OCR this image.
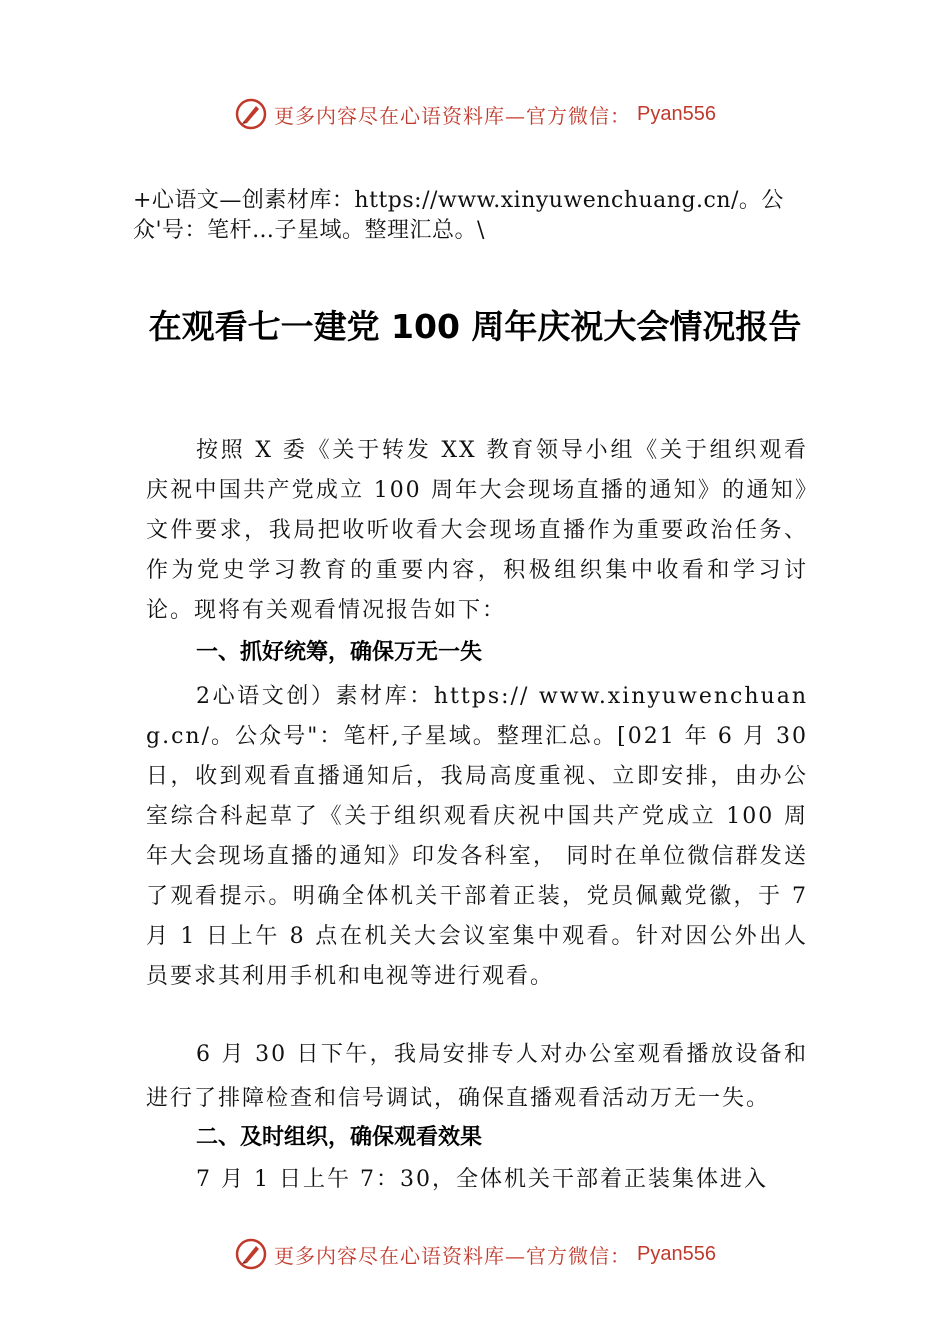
更多内容尽在心语资料库—官方微信： Pyan556
+心语文—创素材库：https://www.xinyuwenchuang.cn/。公众'号：笔杆…子星域。整理汇总。\
在观看七一建党 100 周年庆祝大会情况报告
按照 X 委《关于转发 XX 教育领导小组《关于组织观看庆祝中国共产党成立 100 周年大会现场直播的通知》的通知》文件要求，我局把收听收看大会现场直播作为重要政治任务、作为党史学习教育的重要内容，积极组织集中收看和学习讨论。现将有关观看情况报告如下：
一、抓好统筹，确保万无一失
2心语文创）素材库：https:// www.xinyuwenchuang.cn/。公众号"：笔杆,子星域。整理汇总。[021 年 6 月 30 日，收到观看直播通知后，我局高度重视、立即安排，由办公室综合科起草了《关于组织观看庆祝中国共产党成立 100 周年大会现场直播的通知》印发各科室， 同时在单位微信群发送了观看提示。明确全体机关干部着正装，党员佩戴党徽，于 7 月 1 日上午 8 点在机关大会议室集中观看。针对因公外出人员要求其利用手机和电视等进行观看。
6 月 30 日下午，我局安排专人对办公室观看播放设备和进行了排障检查和信号调试，确保直播观看活动万无一失。
二、及时组织，确保观看效果
7 月 1 日上午 7：30，全体机关干部着正装集体进入
更多内容尽在心语资料库—官方微信： Pyan556
